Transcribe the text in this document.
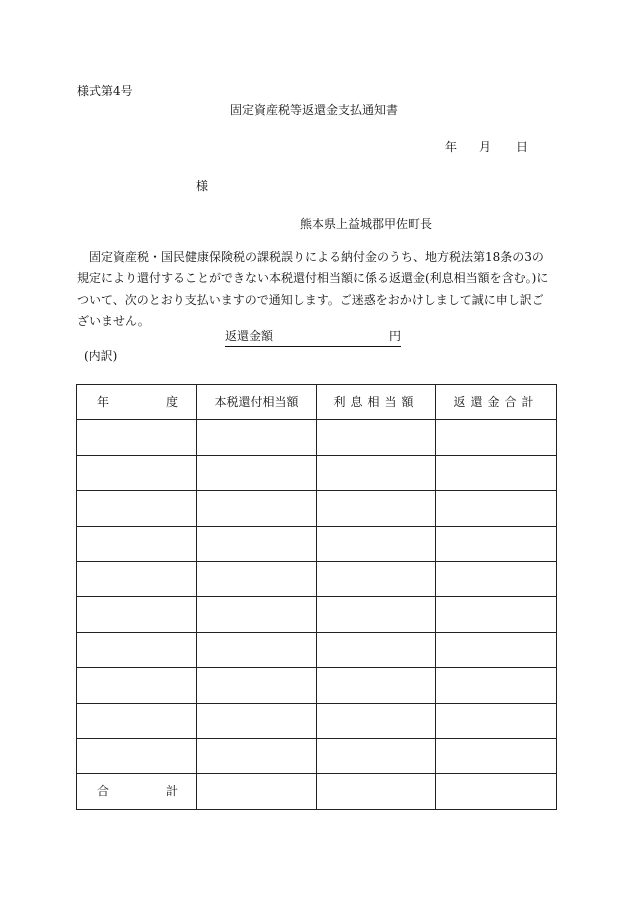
様式第4号
固定資産税等返還金支払通知書
年 月 日
様
熊本県上益城郡甲佐町長

固定資産税・国民健康保険税の課税誤りによる納付金のうち、地方税法第18条の3の規定により還付することができない本税還付相当額に係る返還金(利息相当額を含む。)について、次のとおり支払いますので通知します。ご迷惑をおかけしまして誠に申し訳ございません。

返還金額	円
(内訳)
年 度	本税還付相当額	利息相当額	返還金合計

合 計			
